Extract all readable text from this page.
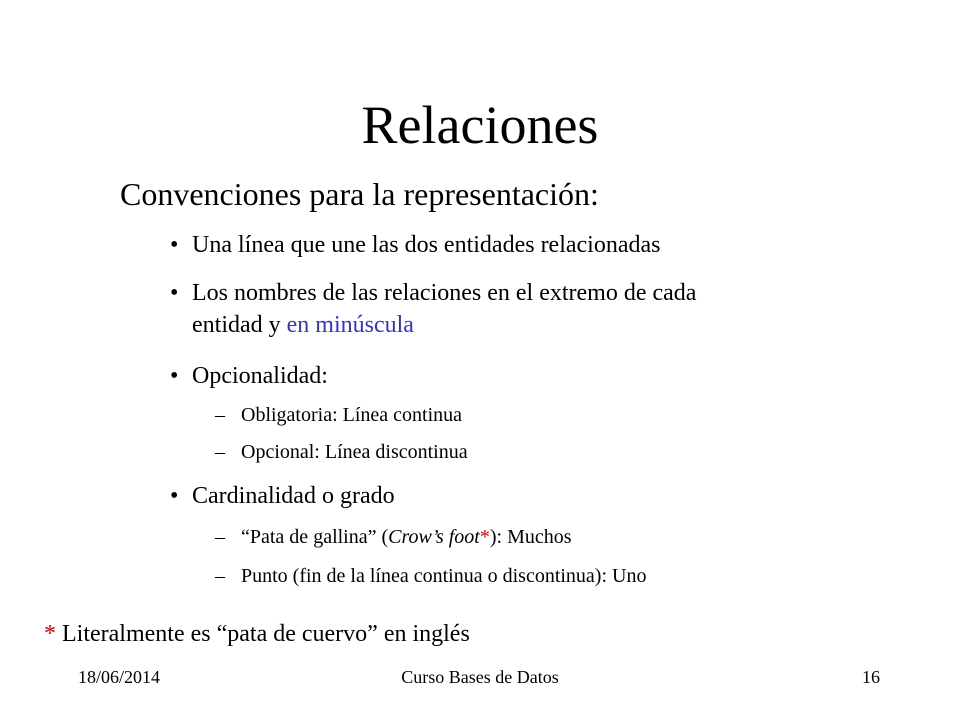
Relaciones
Convenciones para la representación:
• Una línea que une las dos entidades relacionadas
• Los nombres de las relaciones en el extremo de cada
entidad y en minúscula
• Opcionalidad:
– Obligatoria: Línea continua
– Opcional: Línea discontinua
• Cardinalidad o grado
– “Pata de gallina” (Crow’s foot*): Muchos
– Punto (fin de la línea continua o discontinua): Uno
* Literalmente es “pata de cuervo” en inglés
18/06/2014	Curso Bases de Datos	16
